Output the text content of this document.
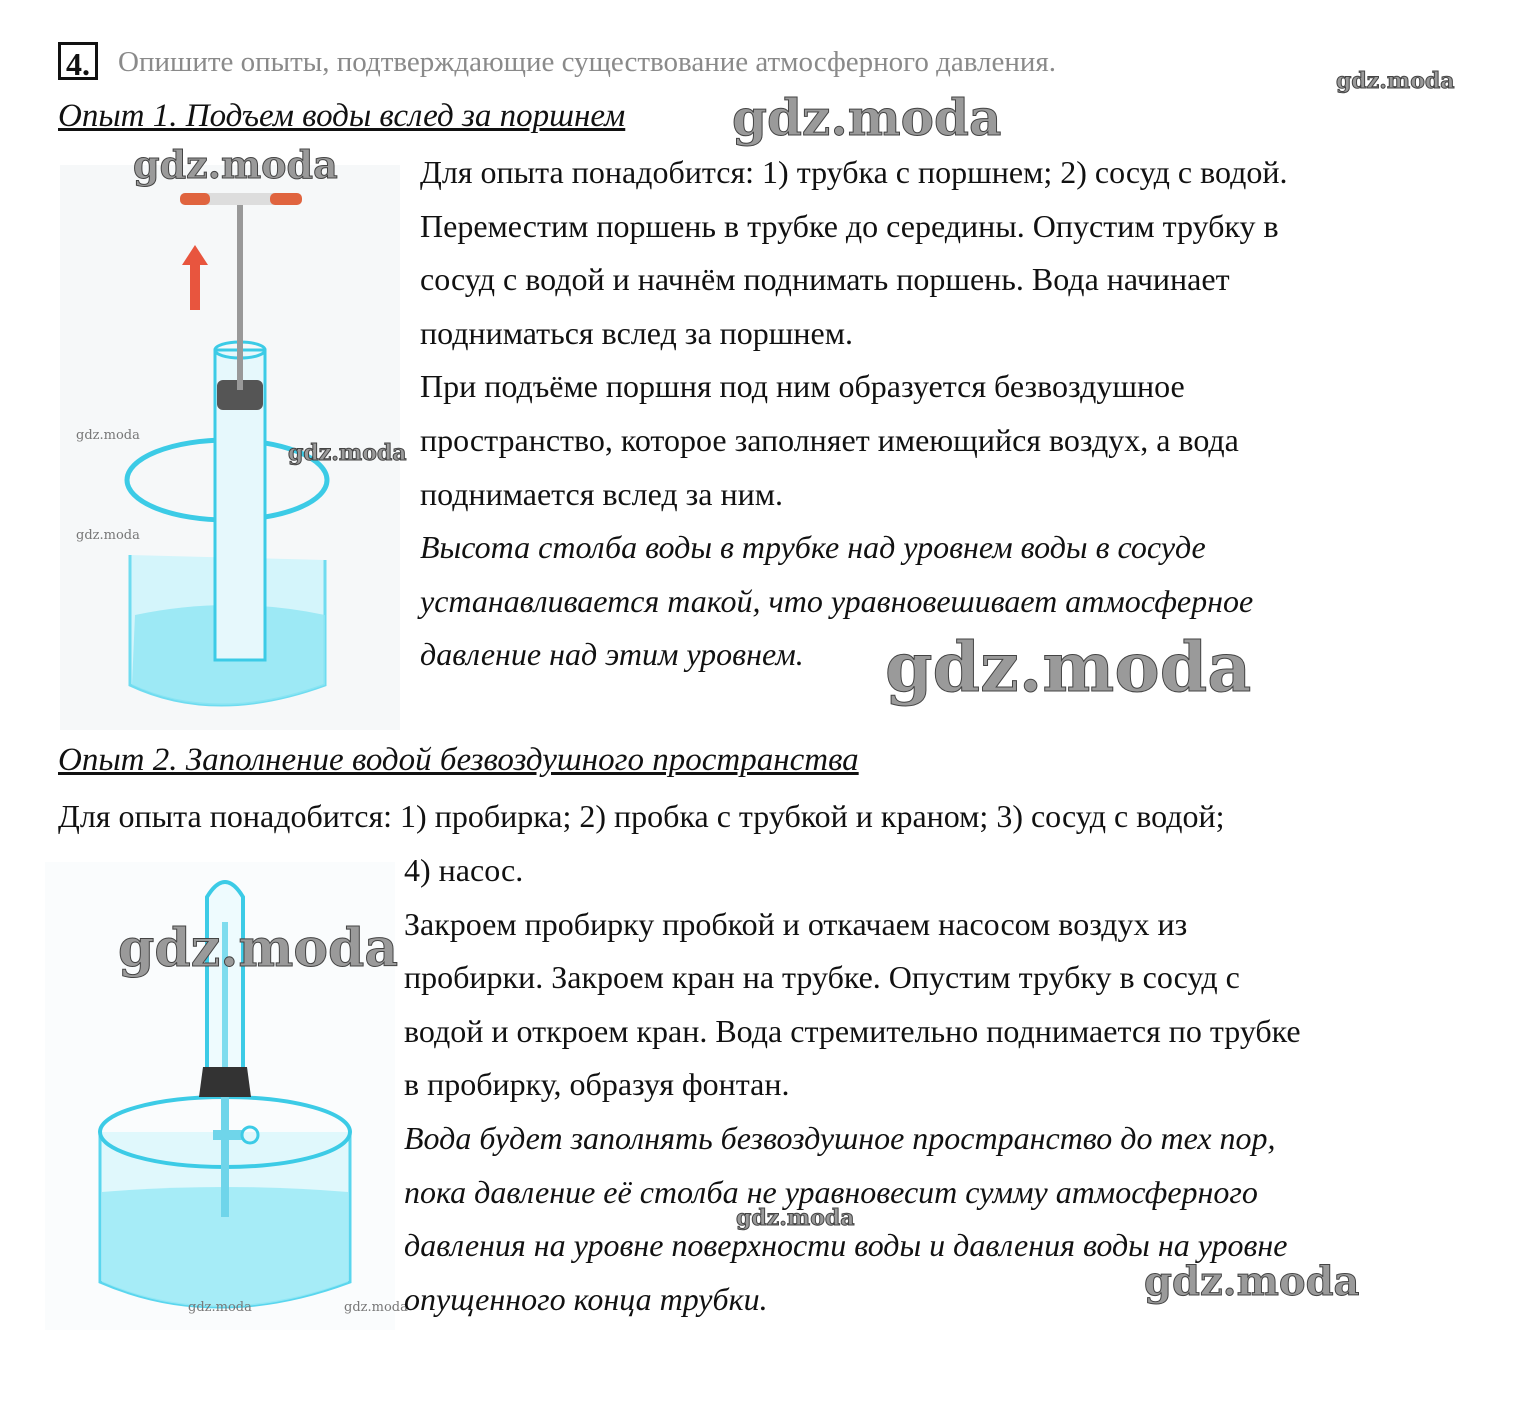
4. Опишите опыты, подтверждающие существование атмосферного давления.
Опыт 1. Подъем воды вслед за поршнем
gdz.moda
gdz.moda
gdz.moda
gdz.moda
gdz.moda
gdz.moda
Для опыта понадобится: 1) трубка с поршнем; 2) сосуд с водой.
Переместим поршень в трубке до середины. Опустим трубку в
сосуд с водой и начнём поднимать поршень. Вода начинает
подниматься вслед за поршнем.
При подъёме поршня под ним образуется безвоздушное
пространство, которое заполняет имеющийся воздух, а вода
поднимается вслед за ним.
Высота столба воды в трубке над уровнем воды в сосуде
устанавливается такой, что уравновешивает атмосферное
давление над этим уровнем.	gdz.moda
Опыт 2. Заполнение водой безвоздушного пространства
Для опыта понадобится: 1) пробирка; 2) пробка с трубкой и краном; 3) сосуд с водой;
gdz.moda
gdz.moda	gdz.moda
4) насос.
Закроем пробирку пробкой и откачаем насосом воздух из
пробирки. Закроем кран на трубке. Опустим трубку в сосуд с
водой и откроем кран. Вода стремительно поднимается по трубке
в пробирку, образуя фонтан.
Вода будет заполнять безвоздушное пространство до тех пор,
пока давление её столба не уравновесит сумму атмосферного
давления на уровне поверхности воды и давления воды на уровне
опущенного конца трубки.
gdz.moda
gdz.moda
